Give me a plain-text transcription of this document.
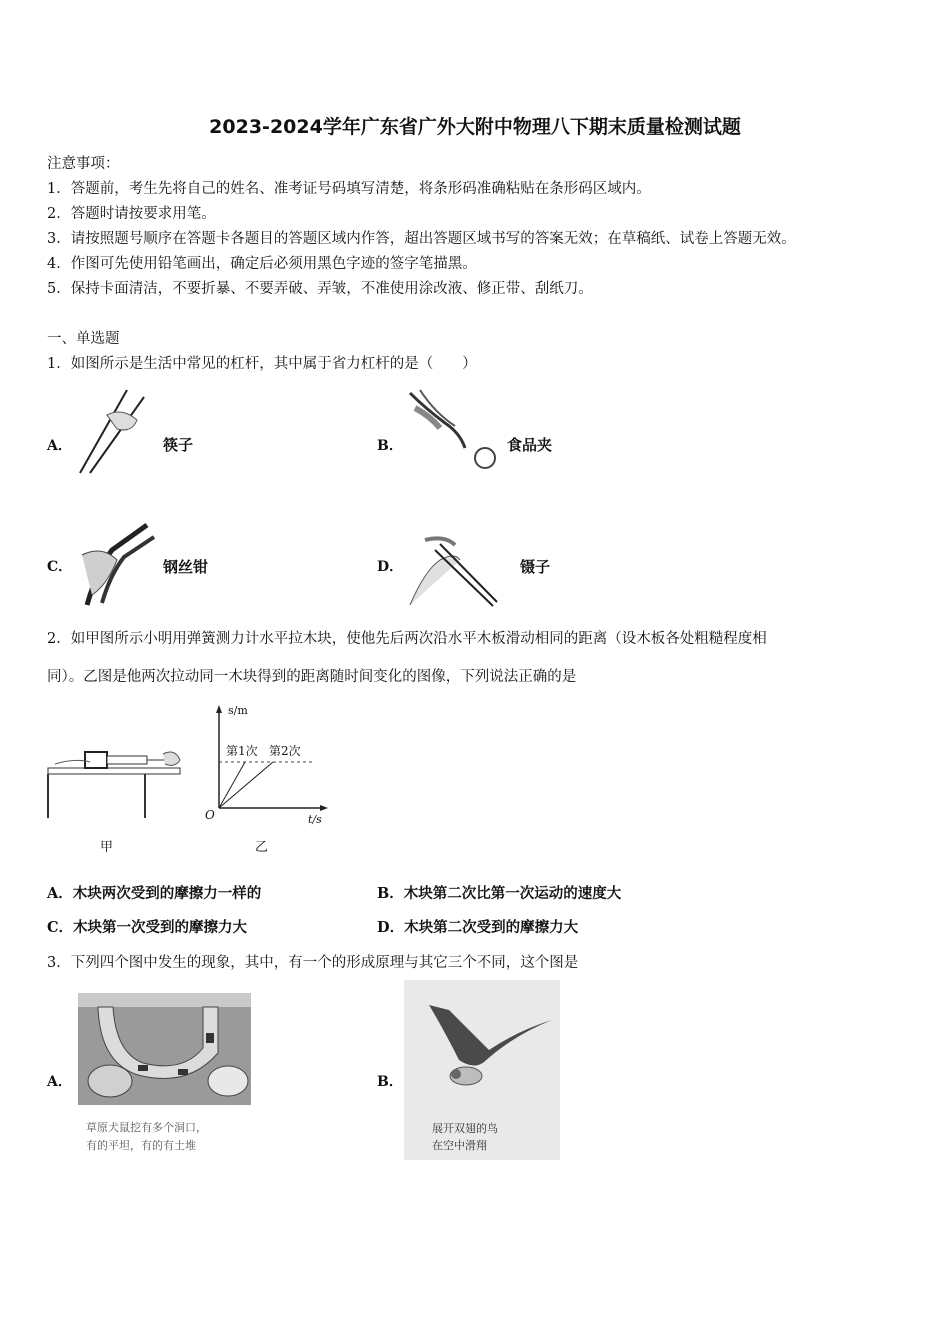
2023-2024学年广东省广外大附中物理八下期末质量检测试题
注意事项：
1．答题前，考生先将自己的姓名、准考证号码填写清楚，将条形码准确粘贴在条形码区域内。
2．答题时请按要求用笔。
3．请按照题号顺序在答题卡各题目的答题区域内作答，超出答题区域书写的答案无效；在草稿纸、试卷上答题无效。
4．作图可先使用铅笔画出，确定后必须用黑色字迹的签字笔描黑。
5．保持卡面清洁，不要折暴、不要弄破、弄皱，不准使用涂改液、修正带、刮纸刀。
一、单选题
1．如图所示是生活中常见的杠杆，其中属于省力杠杆的是（　　）
A．	筷子	B．	食品夹
C．	钢丝钳	D．	镊子
2．如甲图所示小明用弹簧测力计水平拉木块，使他先后两次沿水平木板滑动相同的距离（设木板各处粗糙程度相
同）。乙图是他两次拉动同一木块得到的距离随时间变化的图像，下列说法正确的是
甲
s/m
第1次 第2次
O	t/s
乙
A．木块两次受到的摩擦力一样的	B．木块第二次比第一次运动的速度大
C．木块第一次受到的摩擦力大	D．木块第二次受到的摩擦力大
3．下列四个图中发生的现象，其中，有一个的形成原理与其它三个不同，这个图是
A．
草原犬鼠挖有多个洞口，
有的平坦，有的有土堆
B．
展开双翅的鸟
在空中滑翔
